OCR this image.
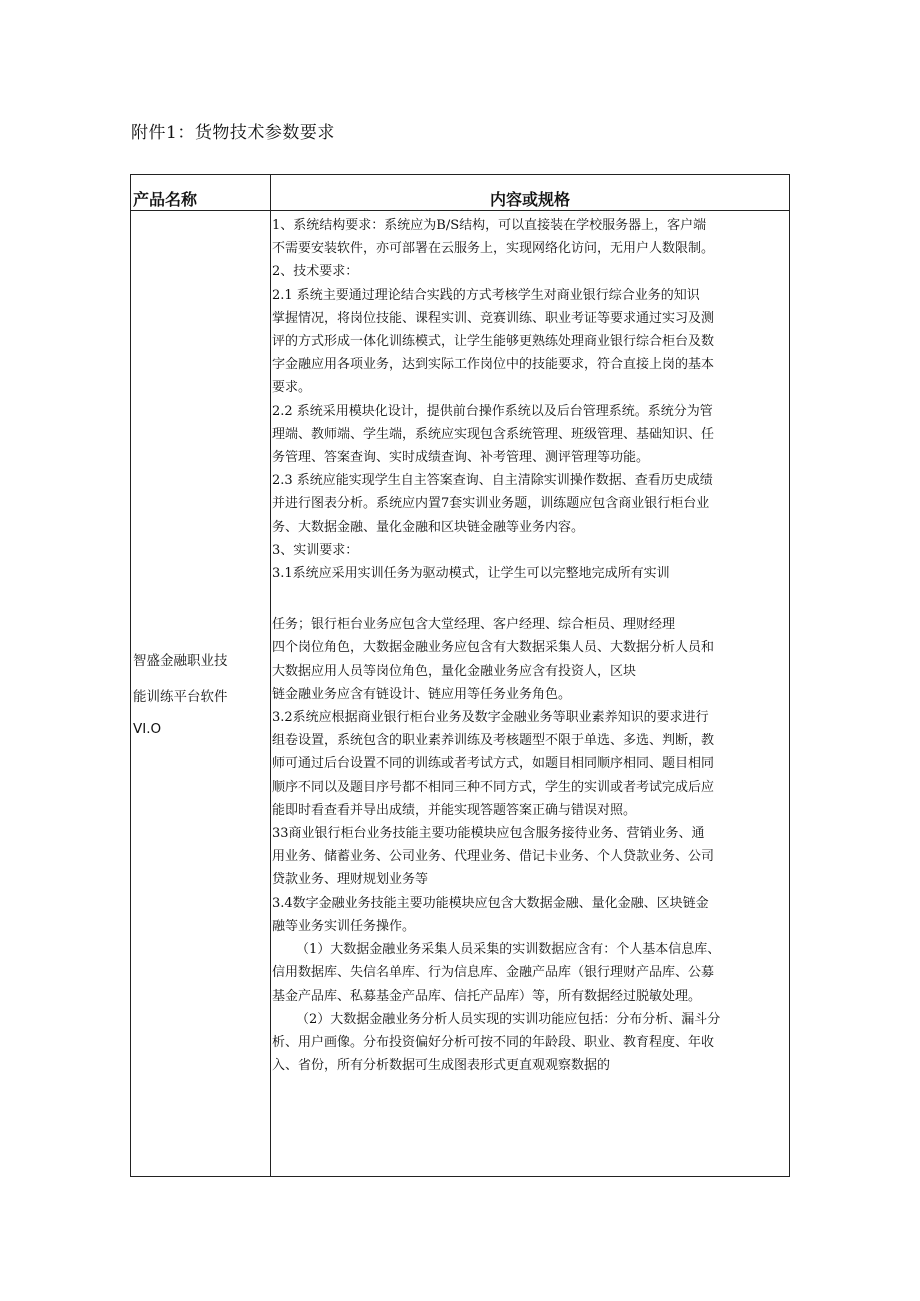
附件1：货物技术参数要求
产品名称	内容或规格
智盛金融职业技
能训练平台软件
VI.O

1、系统结构要求：系统应为B/S结构，可以直接装在学校服务器上，客户端

不需要安装软件，亦可部署在云服务上，实现网络化访问，无用户人数限制。

2、技术要求：

2.1 系统主要通过理论结合实践的方式考核学生对商业银行综合业务的知识

掌握情况，将岗位技能、课程实训、竞赛训练、职业考证等要求通过实习及测

评的方式形成一体化训练模式，让学生能够更熟练处理商业银行综合柜台及数

字金融应用各项业务，达到实际工作岗位中的技能要求，符合直接上岗的基本

要求。

2.2 系统采用模块化设计，提供前台操作系统以及后台管理系统。系统分为管

理端、教师端、学生端，系统应实现包含系统管理、班级管理、基础知识、任

务管理、答案查询、实时成绩查询、补考管理、测评管理等功能。

2.3 系统应能实现学生自主答案查询、自主清除实训操作数据、查看历史成绩

并进行图表分析。系统应内置7套实训业务题，训练题应包含商业银行柜台业

务、大数据金融、量化金融和区块链金融等业务内容。

3、实训要求：

3.1系统应采用实训任务为驱动模式，让学生可以完整地完成所有实训

任务；银行柜台业务应包含大堂经理、客户经理、综合柜员、理财经理

四个岗位角色，大数据金融业务应包含有大数据采集人员、大数据分析人员和

大数据应用人员等岗位角色，量化金融业务应含有投资人，区块

链金融业务应含有链设计、链应用等任务业务角色。

3.2系统应根据商业银行柜台业务及数字金融业务等职业素养知识的要求进行

组卷设置，系统包含的职业素养训练及考核题型不限于单选、多选、判断，教

师可通过后台设置不同的训练或者考试方式，如题目相同顺序相同、题目相同

顺序不同以及题目序号都不相同三种不同方式，学生的实训或者考试完成后应

能即时看查看并导出成绩，并能实现答题答案正确与错误对照。

33商业银行柜台业务技能主要功能模块应包含服务接待业务、营销业务、通

用业务、储蓄业务、公司业务、代理业务、借记卡业务、个人贷款业务、公司

贷款业务、理财规划业务等

3.4数字金融业务技能主要功能模块应包含大数据金融、量化金融、区块链金

融等业务实训任务操作。

（1）大数据金融业务采集人员采集的实训数据应含有：个人基本信息库、

信用数据库、失信名单库、行为信息库、金融产品库（银行理财产品库、公募

基金产品库、私募基金产品库、信托产品库）等，所有数据经过脱敏处理。

（2）大数据金融业务分析人员实现的实训功能应包括：分布分析、漏斗分

析、用户画像。分布投资偏好分析可按不同的年龄段、职业、教育程度、年收

入、省份，所有分析数据可生成图表形式更直观观察数据的
